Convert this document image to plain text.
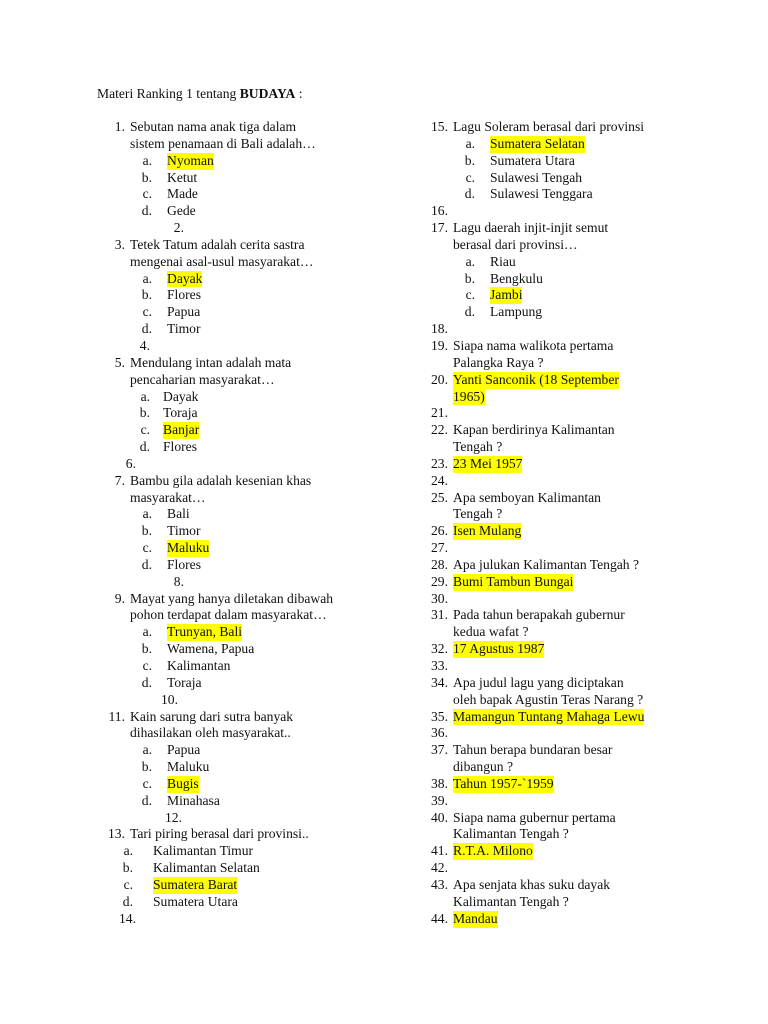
Materi Ranking 1 tentang BUDAYA :
1. Sebutan nama anak tiga dalam
sistem penamaan di Bali adalah…
a. Nyoman
b. Ketut
c. Made
d. Gede
2.
3. Tetek Tatum adalah cerita sastra
mengenai asal-usul masyarakat…
a. Dayak
b. Flores
c. Papua
d. Timor
4.
5. Mendulang intan adalah mata
pencaharian masyarakat…
a. Dayak
b. Toraja
c. Banjar
d. Flores
6.
7. Bambu gila adalah kesenian khas
masyarakat…
a. Bali
b. Timor
c. Maluku
d. Flores
8.
9. Mayat yang hanya diletakan dibawah
pohon terdapat dalam masyarakat…
a. Trunyan, Bali
b. Wamena, Papua
c. Kalimantan
d. Toraja
10.
11. Kain sarung dari sutra banyak
dihasilakan oleh masyarakat..
a. Papua
b. Maluku
c. Bugis
d. Minahasa
12.
13. Tari piring berasal dari provinsi..
a. Kalimantan Timur
b. Kalimantan Selatan
c. Sumatera Barat
d. Sumatera Utara
14.
15. Lagu Soleram berasal dari provinsi
a. Sumatera Selatan
b. Sumatera Utara
c. Sulawesi Tengah
d. Sulawesi Tenggara
16.
17. Lagu daerah injit-injit semut
berasal dari provinsi…
a. Riau
b. Bengkulu
c. Jambi
d. Lampung
18.
19. Siapa nama walikota pertama
Palangka Raya ?
20. Yanti Sanconik (18 September
1965)
21.
22. Kapan berdirinya Kalimantan
Tengah ?
23. 23 Mei 1957
24.
25. Apa semboyan Kalimantan
Tengah ?
26. Isen Mulang
27.
28. Apa julukan Kalimantan Tengah ?
29. Bumi Tambun Bungai
30.
31. Pada tahun berapakah gubernur
kedua wafat ?
32. 17 Agustus 1987
33.
34. Apa judul lagu yang diciptakan
oleh bapak Agustin Teras Narang ?
35. Mamangun Tuntang Mahaga Lewu
36.
37. Tahun berapa bundaran besar
dibangun ?
38. Tahun 1957-`1959
39.
40. Siapa nama gubernur pertama
Kalimantan Tengah ?
41. R.T.A. Milono
42.
43. Apa senjata khas suku dayak
Kalimantan Tengah ?
44. Mandau
